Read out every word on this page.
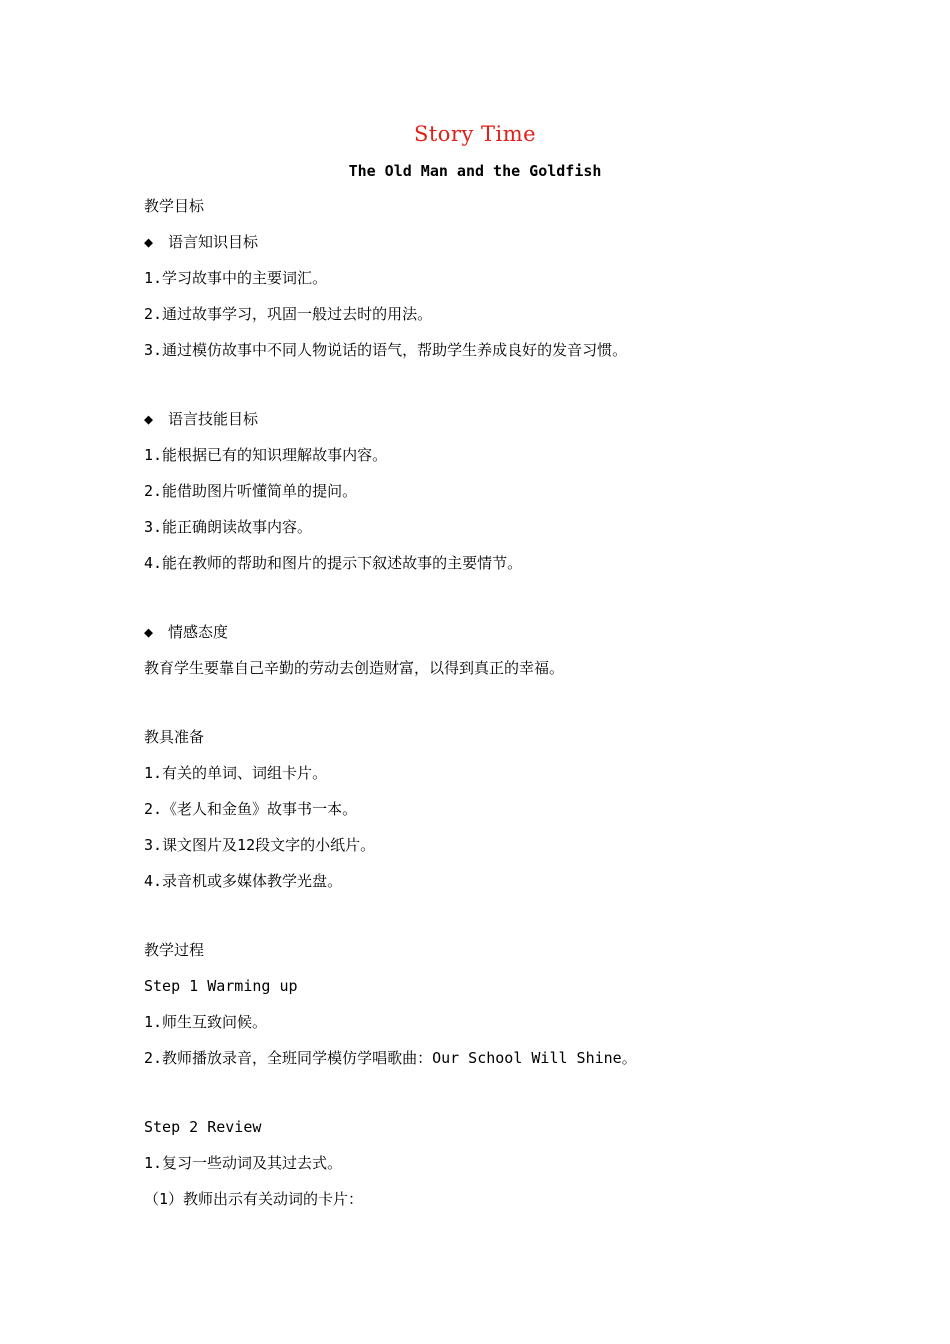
Story Time
The Old Man and the Goldfish
教学目标
◆ 语言知识目标
1.学习故事中的主要词汇。
2.通过故事学习，巩固一般过去时的用法。
3.通过模仿故事中不同人物说话的语气，帮助学生养成良好的发音习惯。
◆ 语言技能目标
1.能根据已有的知识理解故事内容。
2.能借助图片听懂简单的提问。
3.能正确朗读故事内容。
4.能在教师的帮助和图片的提示下叙述故事的主要情节。
◆ 情感态度
教育学生要靠自己辛勤的劳动去创造财富，以得到真正的幸福。
教具准备
1.有关的单词、词组卡片。
2.《老人和金鱼》故事书一本。
3.课文图片及12段文字的小纸片。
4.录音机或多媒体教学光盘。
教学过程
Step 1 Warming up
1.师生互致问候。
2.教师播放录音，全班同学模仿学唱歌曲：Our School Will Shine。
Step 2 Review
1.复习一些动词及其过去式。
（1）教师出示有关动词的卡片：
